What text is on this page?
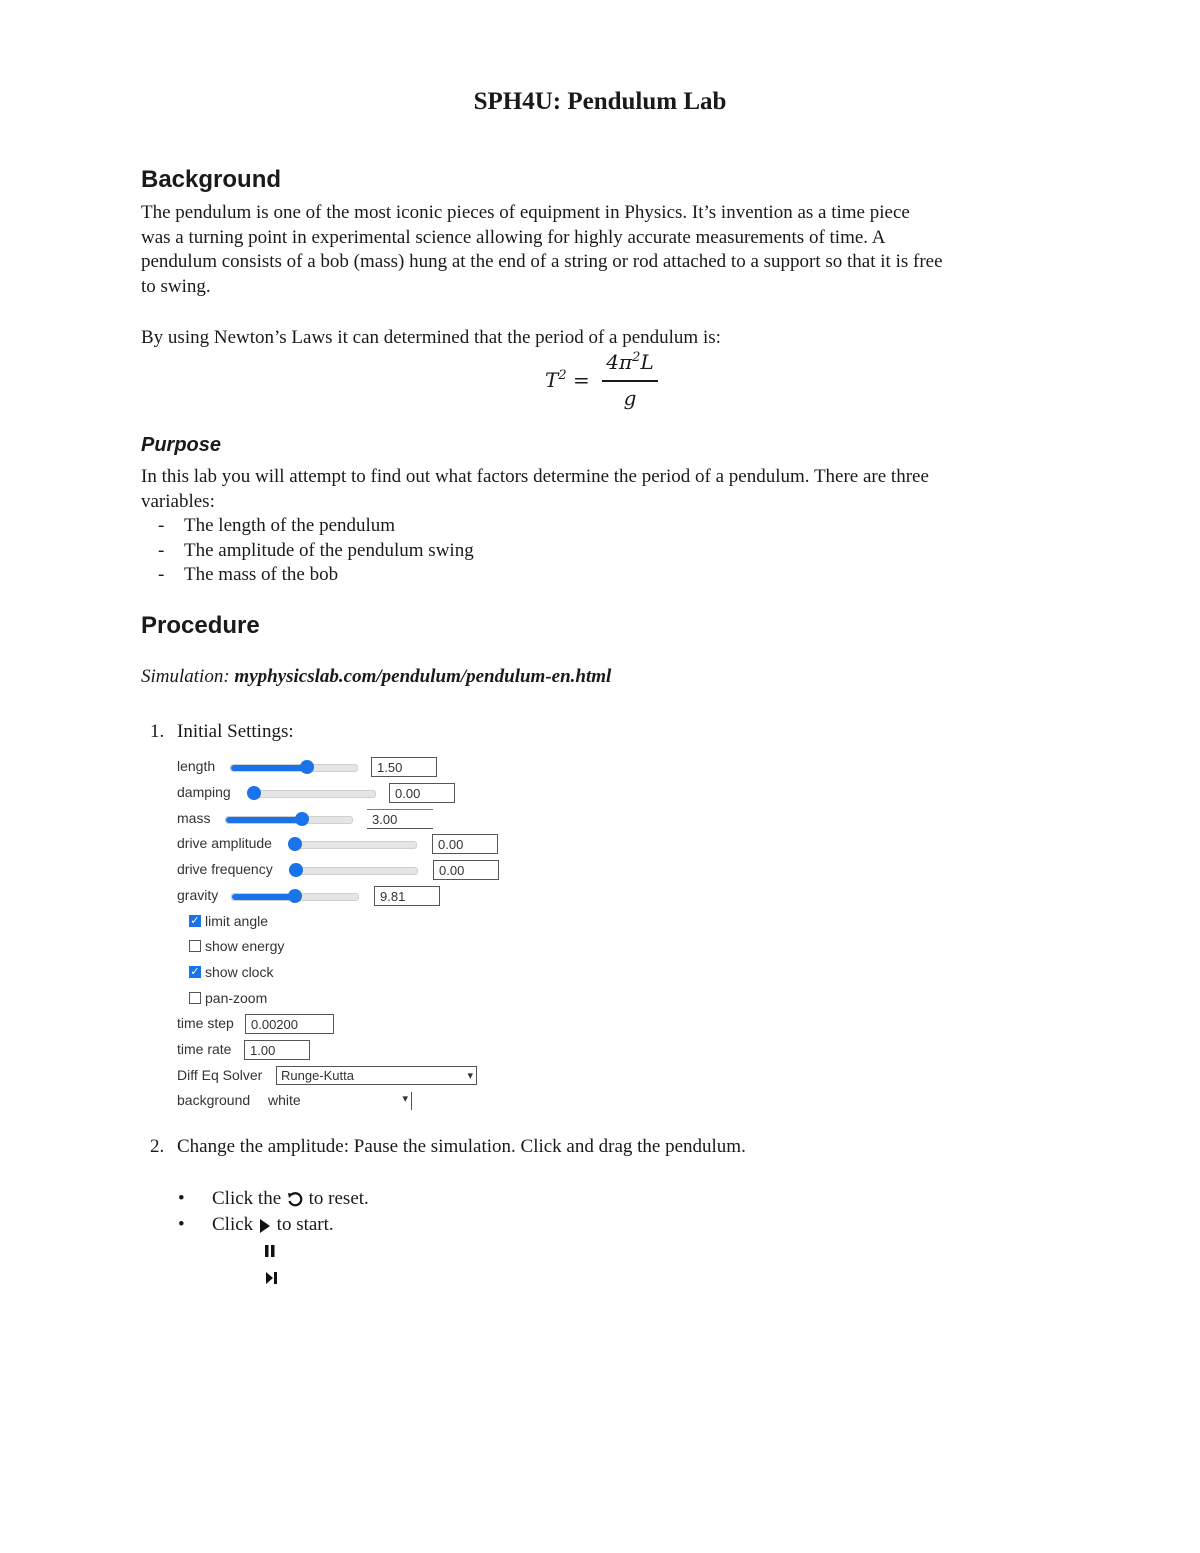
SPH4U: Pendulum Lab
Background
The pendulum is one of the most iconic pieces of equipment in Physics. It’s invention as a time piece
was a turning point in experimental science allowing for highly accurate measurements of time. A
pendulum consists of a bob (mass) hung at the end of a string or rod attached to a support so that it is free
to swing.
By using Newton’s Laws it can determined that the period of a pendulum is:
$T^2$ =
$4\pi^2L$
g
Purpose
In this lab you will attempt to find out what factors determine the period of a pendulum. There are three
variables:
-	The length of the pendulum
-	The amplitude of the pendulum swing
-	The mass of the bob
Procedure
Simulation: myphysicslab.com/pendulum/pendulum-en.html
1. Initial Settings:
length	1.50
damping	0.00
mass	3.00
drive amplitude	0.00
drive frequency	0.00
gravity	9.81
✓ limit angle
show energy
✓ show clock
pan-zoom
time step	0.00200
time rate	1.00
Diff Eq Solver	Runge-Kutta	▾
background white	▾
2. Change the amplitude: Pause the simulation. Click and drag the pendulum.
• Click the  to reset.
• Click  to start.
